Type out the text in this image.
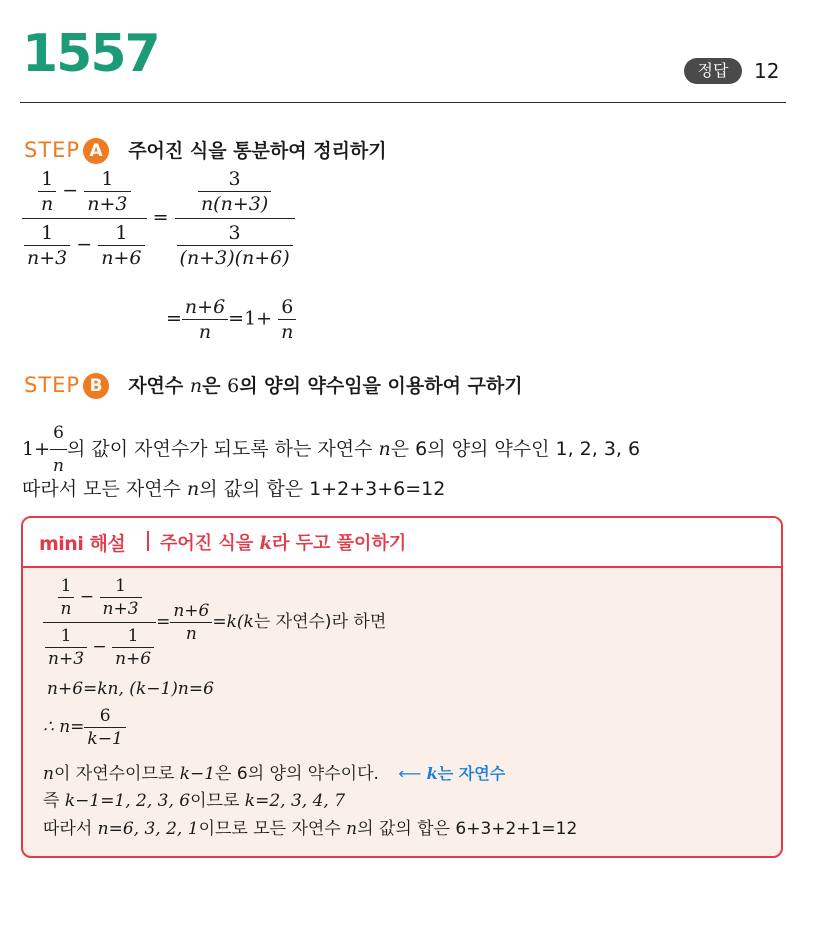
1557	정답	12
STEP A 주어진 식을 통분하여 정리하기
$\frac{\frac{1}{n} - \frac{1}{n+3}}{\frac{1}{n+3} - \frac{1}{n+6}} = \frac{\frac{3}{n(n+3)}}{\frac{3}{(n+3)(n+6)}}$
= $\frac{n+6}{n} =1+ \frac{6}{n}$
STEP B 자연수 n은 6의 양의 약수임을 이용하여 구하기
$1+ \frac{6}{n}$ 의 값이 자연수가 되도록 하는 자연수 n은 6의 양의 약수인 1, 2, 3, 6
따라서 모든 자연수 n의 값의 합은 1+2+3+6=12
mini 해설 주어진 식을 k라 두고 풀이하기
$\frac{\frac{1}{n} - \frac{1}{n+3}}{\frac{1}{n+3} - \frac{1}{n+6}} = \frac{n+6}{n} =k(k$는 자연수)라 하면
n+6=kn, (k−1)n=6
∴ $n= \frac{6}{k-1}$
n이 자연수이므로 k−1은 6의 양의 약수이다. ⟵ k는 자연수
즉 k−1=1, 2, 3, 6이므로 k=2, 3, 4, 7
따라서 n=6, 3, 2, 1이므로 모든 자연수 n의 값의 합은 6+3+2+1=12
